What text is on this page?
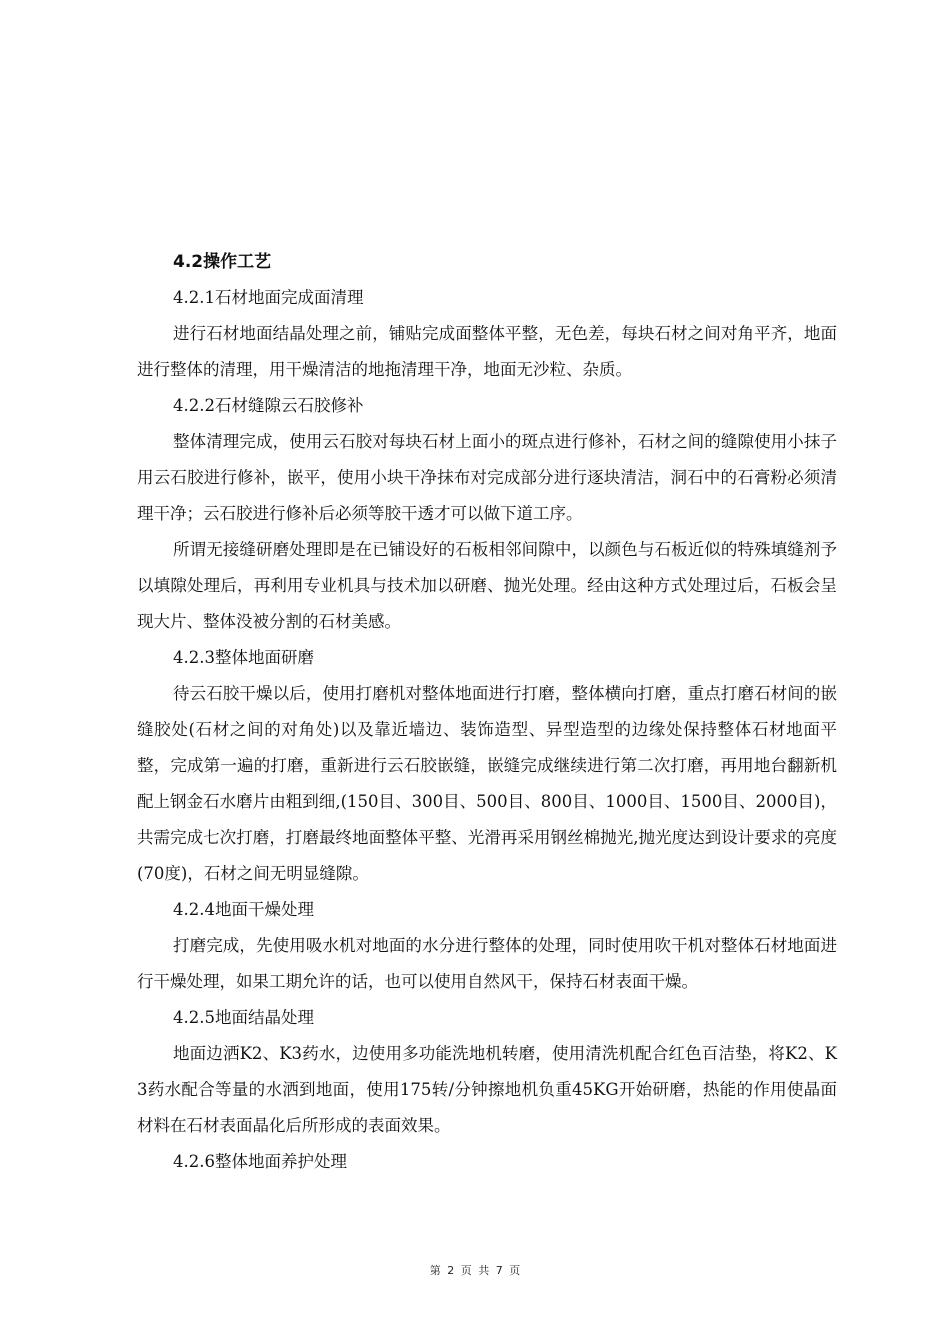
4.2操作工艺

4.2.1石材地面完成面清理

进行石材地面结晶处理之前，铺贴完成面整体平整，无色差，每块石材之间对角平齐，地面进行整体的清理，用干燥清洁的地拖清理干净，地面无沙粒、杂质。

4.2.2石材缝隙云石胶修补

整体清理完成，使用云石胶对每块石材上面小的斑点进行修补，石材之间的缝隙使用小抹子用云石胶进行修补，嵌平，使用小块干净抹布对完成部分进行逐块清洁，洞石中的石膏粉必须清理干净；云石胶进行修补后必须等胶干透才可以做下道工序。

所谓无接缝研磨处理即是在已铺设好的石板相邻间隙中，以颜色与石板近似的特殊填缝剂予以填隙处理后，再利用专业机具与技术加以研磨、抛光处理。经由这种方式处理过后，石板会呈现大片、整体没被分割的石材美感。

4.2.3整体地面研磨

待云石胶干燥以后，使用打磨机对整体地面进行打磨，整体横向打磨，重点打磨石材间的嵌缝胶处(石材之间的对角处)以及靠近墙边、装饰造型、异型造型的边缘处保持整体石材地面平整，完成第一遍的打磨，重新进行云石胶嵌缝，嵌缝完成继续进行第二次打磨，再用地台翻新机配上钢金石水磨片由粗到细,(150目、300目、500目、800目、1000目、1500目、2000目)，共需完成七次打磨，打磨最终地面整体平整、光滑再采用钢丝棉抛光,抛光度达到设计要求的亮度(70度)，石材之间无明显缝隙。

4.2.4地面干燥处理

打磨完成，先使用吸水机对地面的水分进行整体的处理，同时使用吹干机对整体石材地面进行干燥处理，如果工期允许的话，也可以使用自然风干，保持石材表面干燥。

4.2.5地面结晶处理

地面边洒K2、K3药水，边使用多功能洗地机转磨，使用清洗机配合红色百洁垫，将K2、K3药水配合等量的水洒到地面，使用175转/分钟擦地机负重45KG开始研磨，热能的作用使晶面材料在石材表面晶化后所形成的表面效果。

4.2.6整体地面养护处理

第 2 页 共 7 页
